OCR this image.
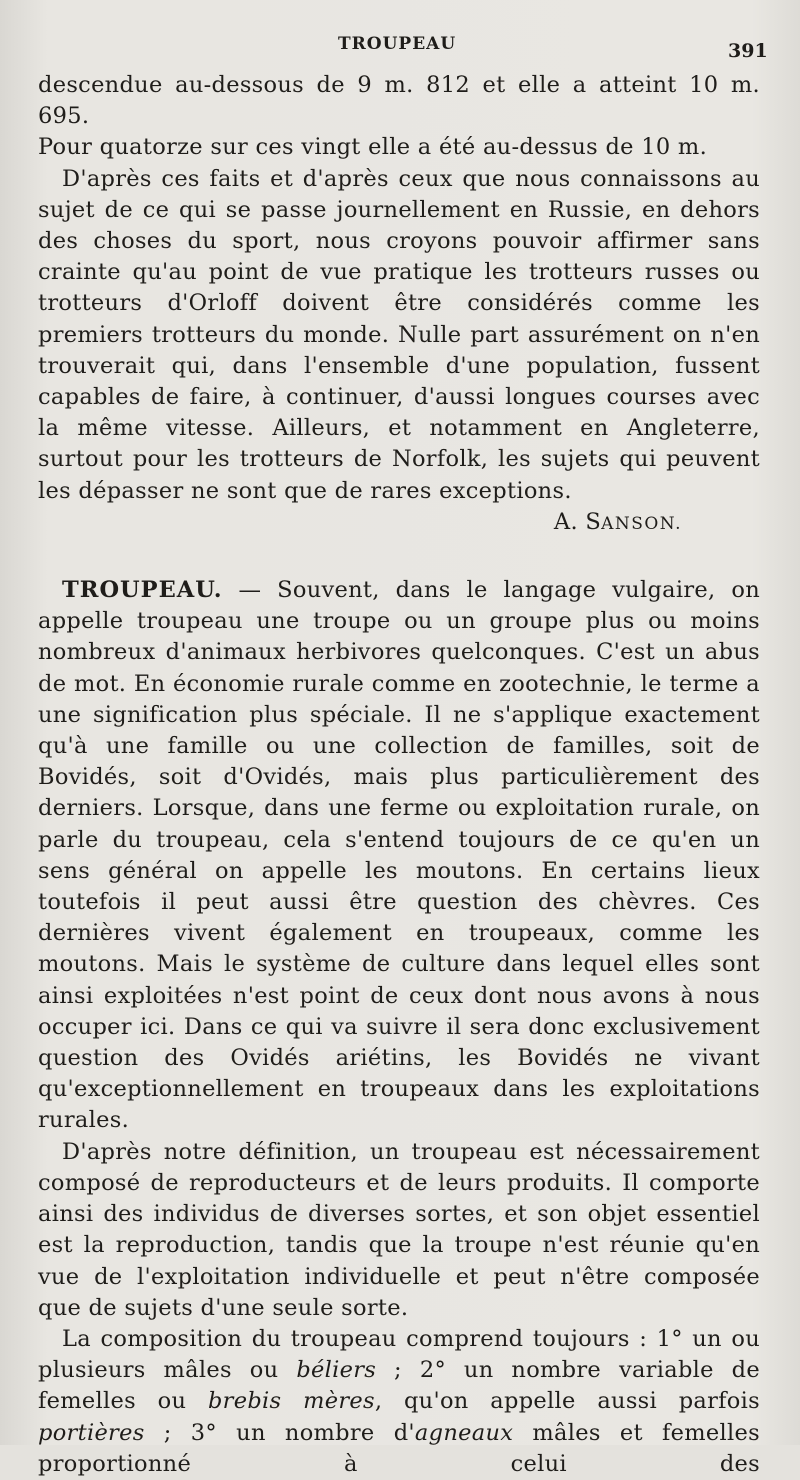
TROUPEAU	391

descendue au-dessous de 9 m. 812 et elle a atteint 10 m. 695.

Pour quatorze sur ces vingt elle a été au-dessus de 10 m.

D'après ces faits et d'après ceux que nous connaissons au sujet de ce qui se passe journellement en Russie, en dehors des choses du sport, nous croyons pouvoir affirmer sans crainte qu'au point de vue pratique les trotteurs russes ou trotteurs d'Orloff doivent être considérés comme les premiers trotteurs du monde. Nulle part assurément on n'en trouverait qui, dans l'ensemble d'une population, fussent capables de faire, à continuer, d'aussi longues courses avec la même vitesse. Ailleurs, et notamment en Angleterre, surtout pour les trotteurs de Norfolk, les sujets qui peuvent les dépasser ne sont que de rares exceptions.

A. SANSON.

TROUPEAU. — Souvent, dans le langage vulgaire, on appelle troupeau une troupe ou un groupe plus ou moins nombreux d'animaux herbivores quelconques. C'est un abus de mot. En économie rurale comme en zootechnie, le terme a une signification plus spéciale. Il ne s'applique exactement qu'à une famille ou une collection de familles, soit de Bovidés, soit d'Ovidés, mais plus particulièrement des derniers. Lorsque, dans une ferme ou exploitation rurale, on parle du troupeau, cela s'entend toujours de ce qu'en un sens général on appelle les moutons. En certains lieux toutefois il peut aussi être question des chèvres. Ces dernières vivent également en troupeaux, comme les moutons. Mais le système de culture dans lequel elles sont ainsi exploitées n'est point de ceux dont nous avons à nous occuper ici. Dans ce qui va suivre il sera donc exclusivement question des Ovidés ariétins, les Bovidés ne vivant qu'exceptionnellement en troupeaux dans les exploitations rurales.

D'après notre définition, un troupeau est nécessairement composé de reproducteurs et de leurs produits. Il comporte ainsi des individus de diverses sortes, et son objet essentiel est la reproduction, tandis que la troupe n'est réunie qu'en vue de l'exploitation individuelle et peut n'être composée que de sujets d'une seule sorte.

La composition du troupeau comprend toujours : 1° un ou plusieurs mâles ou béliers ; 2° un nombre variable de femelles ou brebis mères, qu'on appelle aussi parfois portières ; 3° un nombre d'agneaux mâles et femelles proportionné à celui des
